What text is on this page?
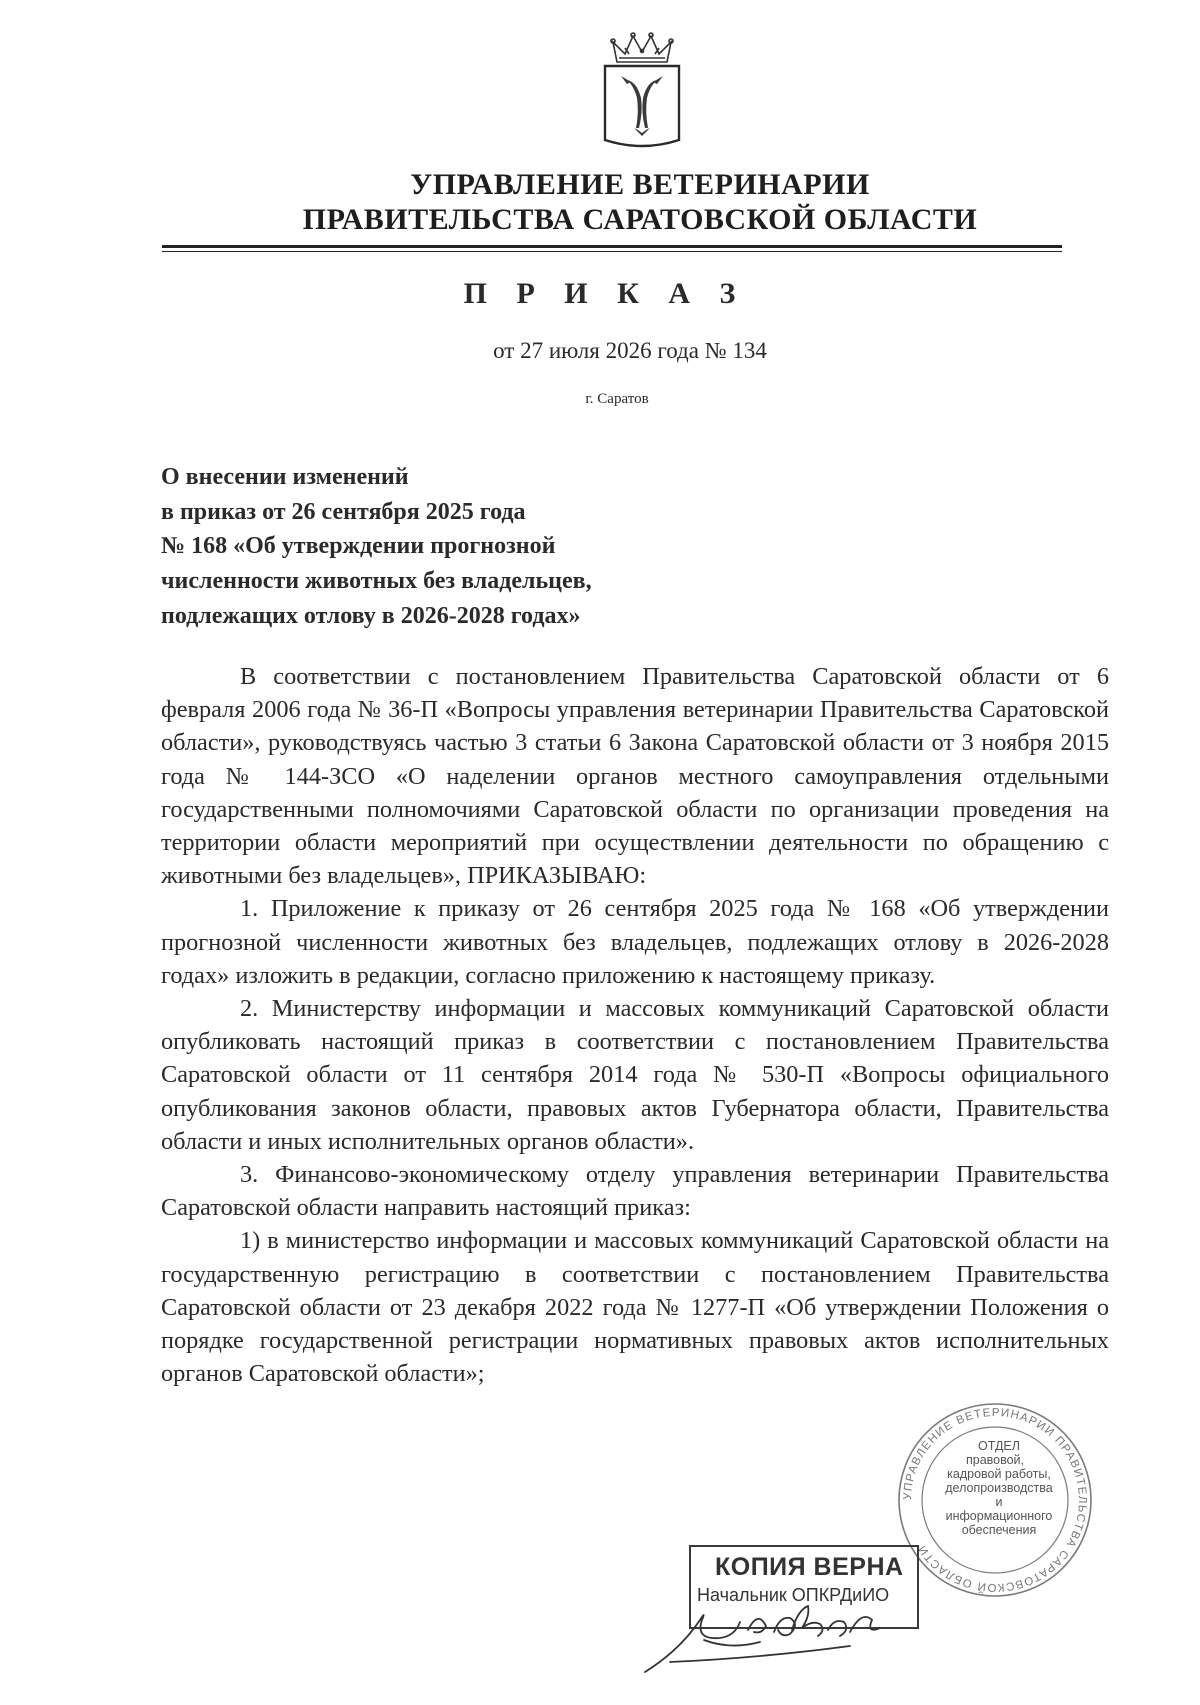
УПРАВЛЕНИЕ ВЕТЕРИНАРИИ
ПРАВИТЕЛЬСТВА САРАТОВСКОЙ ОБЛАСТИ
П Р И К А З
от 27 июля 2026 года № 134
г. Саратов
О внесении изменений
в приказ от 26 сентября 2025 года
№ 168 «Об утверждении прогнозной
численности животных без владельцев,
подлежащих отлову в 2026-2028 годах»

В соответствии с постановлением Правительства Саратовской области от 6 февраля 2006 года № 36-П «Вопросы управления ветеринарии Правительства Саратовской области», руководствуясь частью 3 статьи 6 Закона Саратовской области от 3 ноября 2015 года № 144-ЗСО «О наделении органов местного самоуправления отдельными государственными полномочиями Саратовской области по организации проведения на территории области мероприятий при осуществлении деятельности по обращению с животными без владельцев», ПРИКАЗЫВАЮ:

1. Приложение к приказу от 26 сентября 2025 года № 168 «Об утверждении прогнозной численности животных без владельцев, подлежащих отлову в 2026-2028 годах» изложить в редакции, согласно приложению к настоящему приказу.

2. Министерству информации и массовых коммуникаций Саратовской области опубликовать настоящий приказ в соответствии с постановлением Правительства Саратовской области от 11 сентября 2014 года № 530-П «Вопросы официального опубликования законов области, правовых актов Губернатора области, Правительства области и иных исполнительных органов области».

3. Финансово-экономическому отделу управления ветеринарии Правительства Саратовской области направить настоящий приказ:

1) в министерство информации и массовых коммуникаций Саратовской области на государственную регистрацию в соответствии с постановлением Правительства Саратовской области от 23 декабря 2022 года № 1277-П «Об утверждении Положения о порядке государственной регистрации нормативных правовых актов исполнительных органов Саратовской области»;

УПРАВЛЕНИЕ ВЕТЕРИНАРИИ ПРАВИТЕЛЬСТВА САРАТОВСКОЙ ОБЛАСТИ
ОТДЕЛ
правовой,
кадровой работы,
делопроизводства
и
информационного
обеспечения
КОПИЯ ВЕРНА
Начальник ОПКРДиИО
